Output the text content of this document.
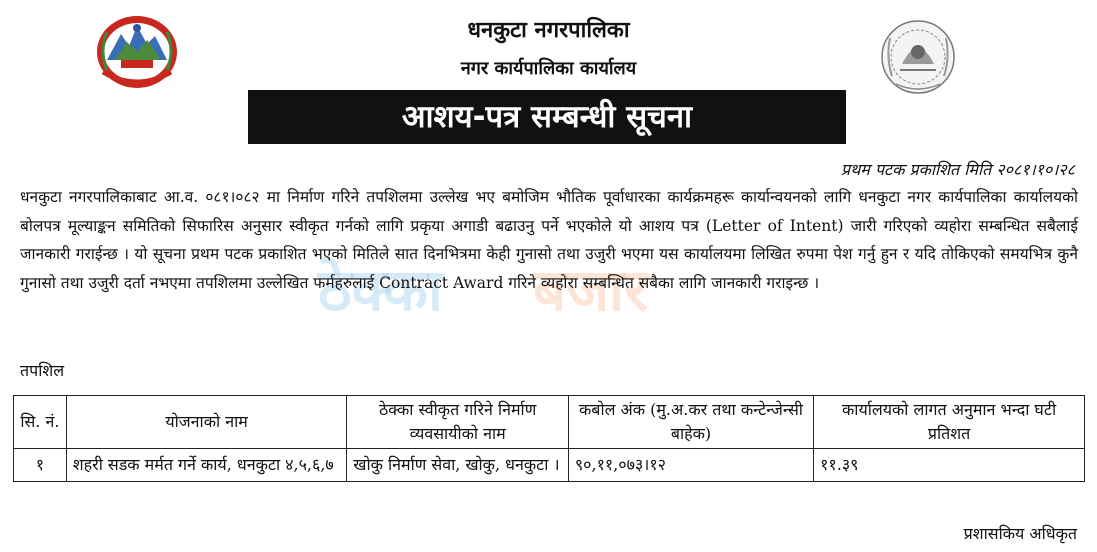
धनकुटा नगरपालिका
नगर कार्यपालिका कार्यालय
आशय-पत्र सम्बन्धी सूचना
प्रथम पटक प्रकाशित मिति २०८१।१०।२८
ठेक्का बजार
धनकुटा नगरपालिकाबाट आ.व. ०८१।०८२ मा निर्माण गरिने तपशिलमा उल्लेख भए बमोजिम भौतिक पूर्वाधारका कार्यक्रमहरू कार्यान्वयनको लागि धनकुटा नगर कार्यपालिका कार्यालयको बोलपत्र मूल्याङ्कन समितिको सिफारिस अनुसार स्वीकृत गर्नको लागि प्रकृया अगाडी बढाउनु पर्ने भएकोले यो आशय पत्र (Letter of Intent) जारी गरिएको व्यहोरा सम्बन्धित सबैलाई जानकारी गराईन्छ । यो सूचना प्रथम पटक प्रकाशित भएको मितिले सात दिनभित्रमा केही गुनासो तथा उजुरी भएमा यस कार्यालयमा लिखित रुपमा पेश गर्नु हुन र यदि तोकिएको समयभित्र कुनै गुनासो तथा उजुरी दर्ता नभएमा तपशिलमा उल्लेखित फर्महरुलाई Contract Award गरिने व्यहोरा सम्बन्धित सबैका लागि जानकारी गराइन्छ ।
तपशिल
सि. नं.	योजनाको नाम	ठेक्का स्वीकृत गरिने निर्माण व्यवसायीको नाम	कबोल अंक (मु.अ.कर तथा कन्टेन्जेन्सी बाहेक)	कार्यालयको लागत अनुमान भन्दा घटी प्रतिशत
१	शहरी सडक मर्मत गर्ने कार्य, धनकुटा ४,५,६,७	खोकु निर्माण सेवा, खोकु, धनकुटा ।	९०,११,०७३।१२	११.३९
प्रशासकिय अधिकृत
